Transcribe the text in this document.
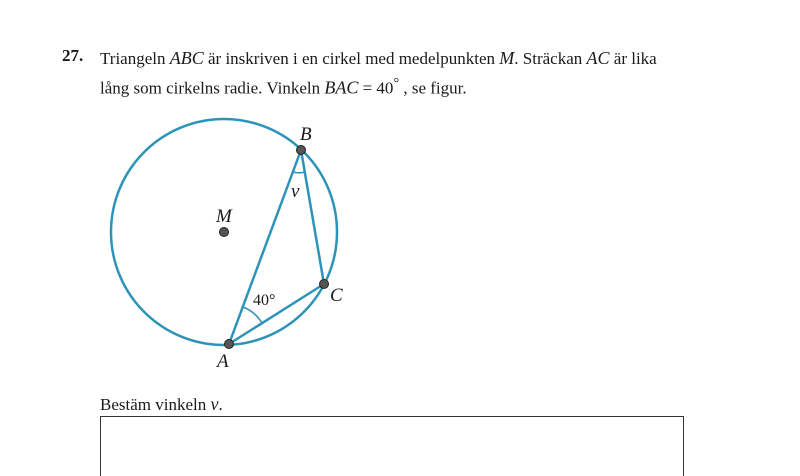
27. Triangeln ABC är inskriven i en cirkel med medelpunkten M. Sträckan AC är lika
lång som cirkelns radie. Vinkeln BAC = 40° , se figur.
B
M
C
A
v
40°
Bestäm vinkeln v.
